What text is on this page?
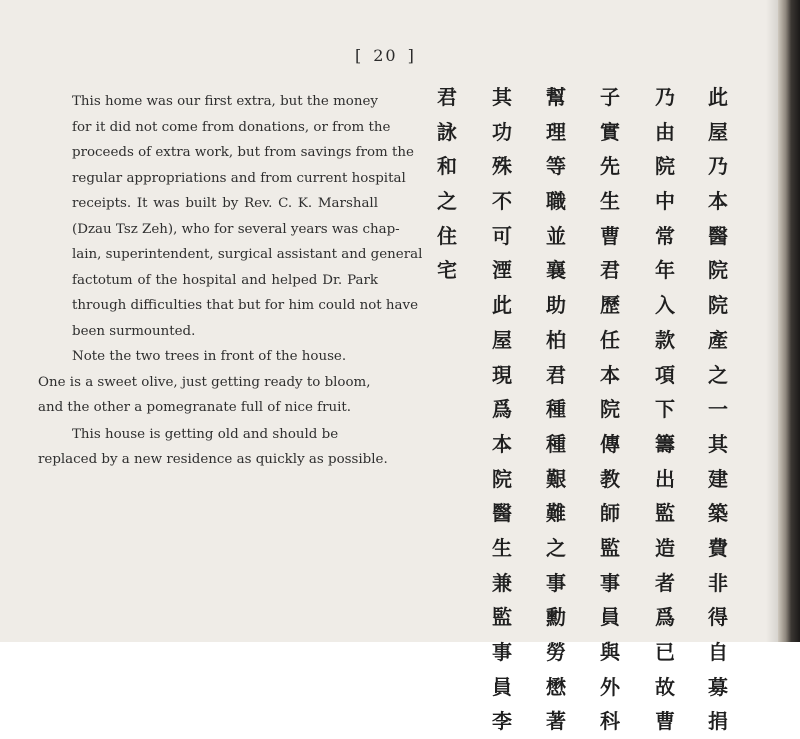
[ 20 ]

This home was our first extra, but the money
for it did not come from donations, or from the
proceeds of extra work, but from savings from the
regular appropriations and from current hospital
receipts. It was built by Rev. C. K. Marshall
(Dzau Tsz Zeh), who for several years was chap-
lain, superintendent, surgical assistant and general
factotum of the hospital and helped Dr. Park
through difficulties that but for him could not have
been surmounted.

Note the two trees in front of the house.
One is a sweet olive, just getting ready to bloom,
and the other a pomegranate full of nice fruit.

This house is getting old and should be
replaced by a new residence as quickly as possible.

此
屋
乃
本
醫
院
院
產
之
一
其
建
築
費
非
得
自
募
捐
乃
由
院
中
常
年
入
款
項
下
籌
出
監
造
者
爲
已
故
曹
子
實
先
生
曹
君
歷
任
本
院
傳
教
師
監
事
員
與
外
科
幫
理
等
職
並
襄
助
柏
君
種
種
艱
難
之
事
勳
勞
懋
著
其
功
殊
不
可
湮
此
屋
現
爲
本
院
醫
生
兼
監
事
員
李
君
詠
和
之
住
宅
